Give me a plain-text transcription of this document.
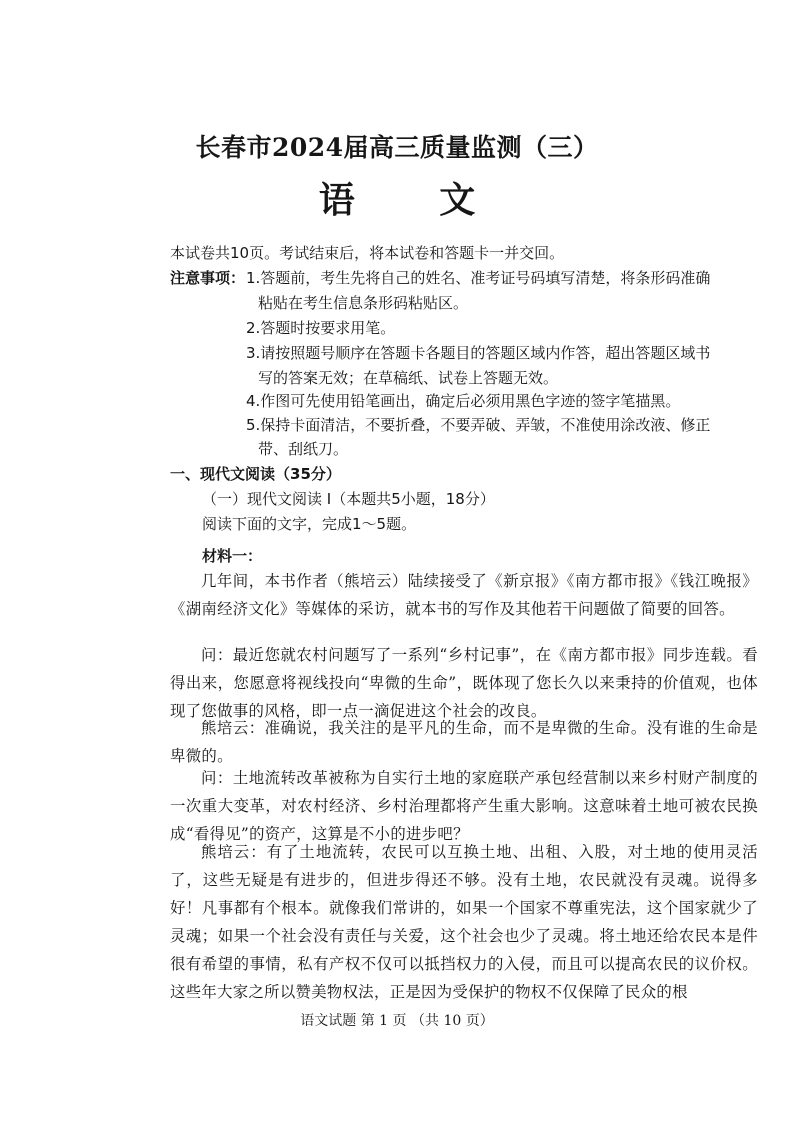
长春市2024届高三质量监测（三）
语 文
本试卷共10页。考试结束后，将本试卷和答题卡一并交回。
注意事项： 1.答题前，考生先将自己的姓名、准考证号码填写清楚，将条形码准确
粘贴在考生信息条形码粘贴区。
2.答题时按要求用笔。
3.请按照题号顺序在答题卡各题目的答题区域内作答，超出答题区域书
写的答案无效；在草稿纸、试卷上答题无效。
4.作图可先使用铅笔画出，确定后必须用黑色字迹的签字笔描黑。
5.保持卡面清洁，不要折叠，不要弄破、弄皱，不准使用涂改液、修正
带、刮纸刀。
一、现代文阅读（35分）
（一）现代文阅读 I（本题共5小题，18分）
阅读下面的文字，完成1～5题。
材料一：
几年间，本书作者（熊培云）陆续接受了《新京报》《南方都市报》《钱江晚报》《湖南经济文化》等媒体的采访，就本书的写作及其他若干问题做了简要的回答。
问：最近您就农村问题写了一系列“乡村记事”，在《南方都市报》同步连载。看得出来，您愿意将视线投向“卑微的生命”，既体现了您长久以来秉持的价值观，也体现了您做事的风格，即一点一滴促进这个社会的改良。
熊培云：准确说，我关注的是平凡的生命，而不是卑微的生命。没有谁的生命是卑微的。
问：土地流转改革被称为自实行土地的家庭联产承包经营制以来乡村财产制度的一次重大变革，对农村经济、乡村治理都将产生重大影响。这意味着土地可被农民换成“看得见”的资产，这算是不小的进步吧？
熊培云：有了土地流转，农民可以互换土地、出租、入股，对土地的使用灵活了，这些无疑是有进步的，但进步得还不够。没有土地，农民就没有灵魂。说得多好！凡事都有个根本。就像我们常讲的，如果一个国家不尊重宪法，这个国家就少了灵魂；如果一个社会没有责任与关爱，这个社会也少了灵魂。将土地还给农民本是件很有希望的事情，私有产权不仅可以抵挡权力的入侵，而且可以提高农民的议价权。这些年大家之所以赞美物权法，正是因为受保护的物权不仅保障了民众的根
语文试题 第 1 页 （共 10 页）
